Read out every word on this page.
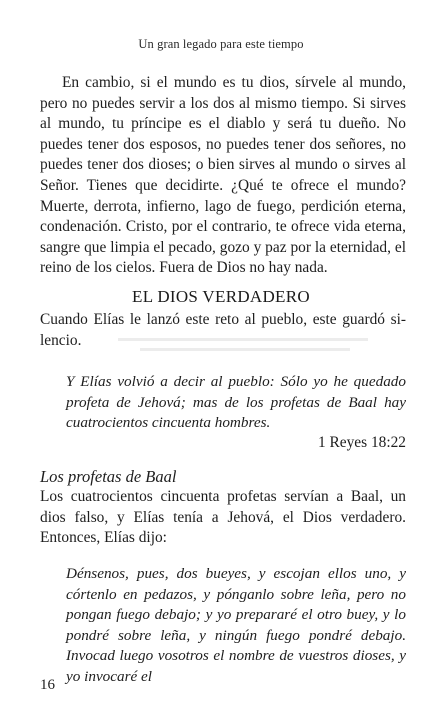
Un gran legado para este tiempo

En cambio, si el mundo es tu dios, sírvele al mundo, pero no puedes servir a los dos al mismo tiempo. Si sirves al mundo, tu príncipe es el diablo y será tu dueño. No puedes tener dos esposos, no puedes tener dos señores, no puedes tener dos dioses; o bien sirves al mundo o sirves al Señor. Tienes que decidirte. ¿Qué te ofrece el mundo? Muerte, derrota, infierno, lago de fuego, perdición eterna, condenación. Cristo, por el contrario, te ofrece vida eterna, sangre que limpia el pecado, gozo y paz por la eternidad, el reino de los cielos. Fuera de Dios no hay nada.

EL DIOS VERDADERO

Cuando Elías le lanzó este reto al pueblo, este guardó silencio.

Y Elías volvió a decir al pueblo: Sólo yo he quedado profeta de Jehová; mas de los profetas de Baal hay cuatrocientos cincuenta hombres.

1 Reyes 18:22
Los profetas de Baal

Los cuatrocientos cincuenta profetas servían a Baal, un dios falso, y Elías tenía a Jehová, el Dios verdadero. Entonces, Elías dijo:

Dénsenos, pues, dos bueyes, y escojan ellos uno, y córtenlo en pedazos, y pónganlo sobre leña, pero no pongan fuego debajo; y yo prepararé el otro buey, y lo pondré sobre leña, y ningún fuego pondré debajo. Invocad luego vosotros el nombre de vuestros dioses, y yo invocaré el

16
